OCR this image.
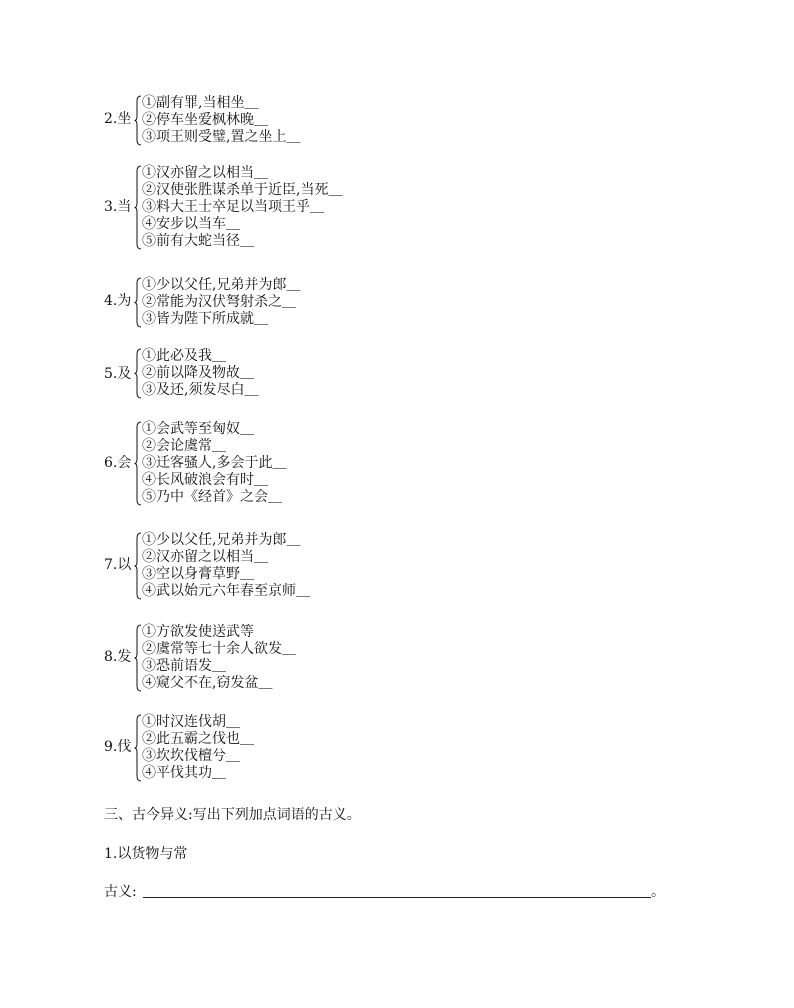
2.坐
①副有罪,当相坐＿
②停车坐爱枫林晚＿
③项王则受璧,置之坐上＿
3.当
①汉亦留之以相当＿
②汉使张胜谋杀单于近臣,当死＿
③料大王士卒足以当项王乎＿
④安步以当车＿
⑤前有大蛇当径＿
4.为
①少以父任,兄弟并为郎＿
②常能为汉伏弩射杀之＿
③皆为陛下所成就＿
5.及
①此必及我＿
②前以降及物故＿
③及还,须发尽白＿
6.会
①会武等至匈奴＿
②会论虞常＿
③迁客骚人,多会于此＿
④长风破浪会有时＿
⑤乃中《经首》之会＿
7.以
①少以父任,兄弟并为郎＿
②汉亦留之以相当＿
③空以身膏草野＿
④武以始元六年春至京师＿
8.发
①方欲发使送武等
②虞常等七十余人欲发＿
③恐前语发＿
④窥父不在,窃发盆＿
9.伐
①时汉连伐胡＿
②此五霸之伐也＿
③坎坎伐檀兮＿
④平伐其功＿
三、古今异义:写出下列加点词语的古义。
1.以货物与常
古义:	。
